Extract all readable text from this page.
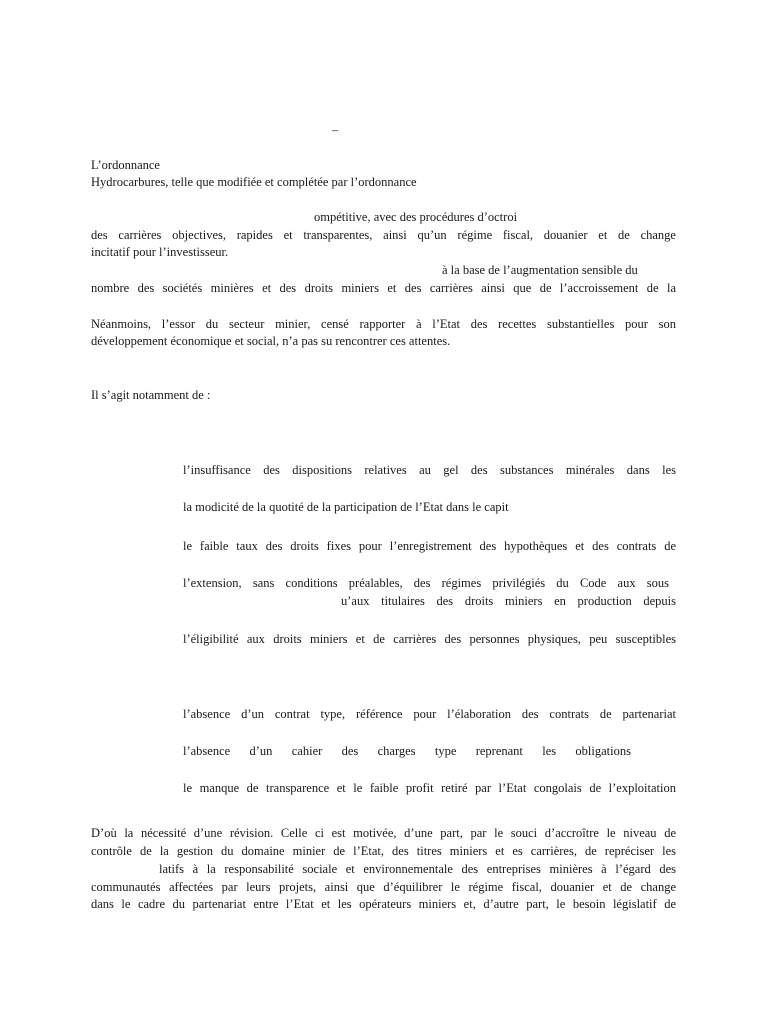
–
L’ordonnance
Hydrocarbures, telle que modifiée et complétée par l’ordonnance
ompétitive, avec des procédures d’octroi
des carrières objectives, rapides et transparentes, ainsi qu’un régime fiscal, douanier et de change
incitatif pour l’investisseur.
à la base de l’augmentation sensible du
nombre des sociétés minières et des droits miniers et des carrières ainsi que de l’accroissement de la
Néanmoins, l’essor du secteur minier, censé rapporter à l’Etat des recettes substantielles pour son
développement économique et social, n’a pas su rencontrer ces attentes.
Il s’agit notamment de :
l’insuffisance des dispositions relatives au gel des substances minérales dans les
la modicité de la quotité de la participation de l’Etat dans le capit
le faible taux des droits fixes pour l’enregistrement des hypothèques et des contrats de
l’extension, sans conditions préalables, des régimes privilégiés du Code aux sous
u’aux titulaires des droits miniers en production depuis
l’éligibilité aux droits miniers et de carrières des personnes physiques, peu susceptibles
l’absence d’un contrat type, référence pour l’élaboration des contrats de partenariat
l’absence d’un cahier des charges type reprenant les obligations
le manque de transparence et le faible profit retiré par l’Etat congolais de l’exploitation
D’où la nécessité d’une révision. Celle ci est motivée, d’une part, par le souci d’accroître le niveau de
contrôle de la gestion du domaine minier de l’Etat, des titres miniers et es carrières, de repréciser les
latifs à la responsabilité sociale et environnementale des entreprises minières à l’égard des
communautés affectées par leurs projets, ainsi que d’équilibrer le régime fiscal, douanier et de change
dans le cadre du partenariat entre l’Etat et les opérateurs miniers et, d’autre part, le besoin législatif de
